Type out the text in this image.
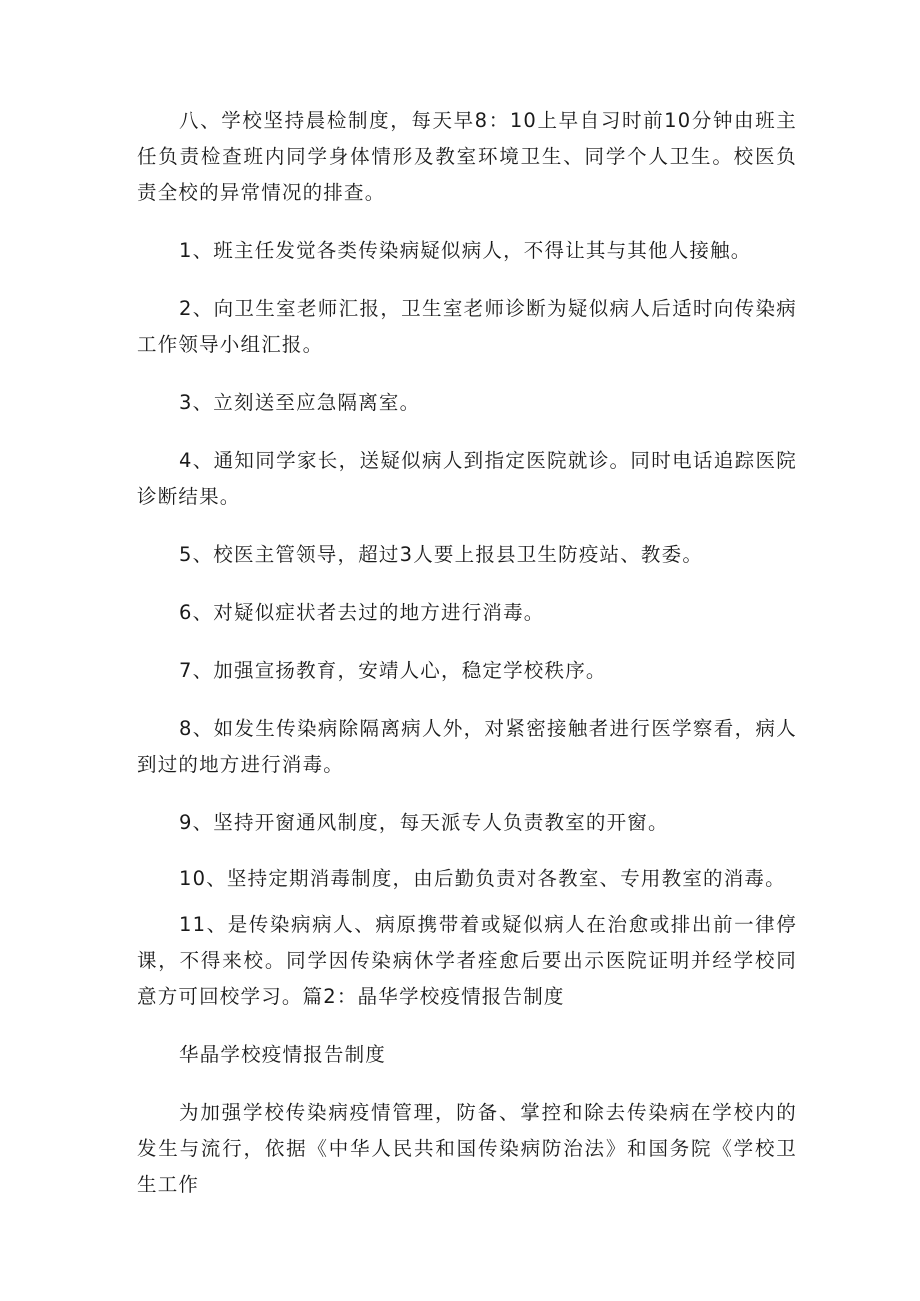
八、学校坚持晨检制度，每天早8：10上早自习时前10分钟由班主任负责检查班内同学身体情形及教室环境卫生、同学个人卫生。校医负责全校的异常情况的排查。

1、班主任发觉各类传染病疑似病人，不得让其与其他人接触。

2、向卫生室老师汇报，卫生室老师诊断为疑似病人后适时向传染病工作领导小组汇报。

3、立刻送至应急隔离室。

4、通知同学家长，送疑似病人到指定医院就诊。同时电话追踪医院诊断结果。

5、校医主管领导，超过3人要上报县卫生防疫站、教委。

6、对疑似症状者去过的地方进行消毒。

7、加强宣扬教育，安靖人心，稳定学校秩序。

8、如发生传染病除隔离病人外，对紧密接触者进行医学察看，病人到过的地方进行消毒。

9、坚持开窗通风制度，每天派专人负责教室的开窗。

10、坚持定期消毒制度，由后勤负责对各教室、专用教室的消毒。

11、是传染病病人、病原携带着或疑似病人在治愈或排出前一律停课，不得来校。同学因传染病休学者痊愈后要出示医院证明并经学校同意方可回校学习。篇2：晶华学校疫情报告制度

华晶学校疫情报告制度

为加强学校传染病疫情管理，防备、掌控和除去传染病在学校内的发生与流行，依据《中华人民共和国传染病防治法》和国务院《学校卫生工作
